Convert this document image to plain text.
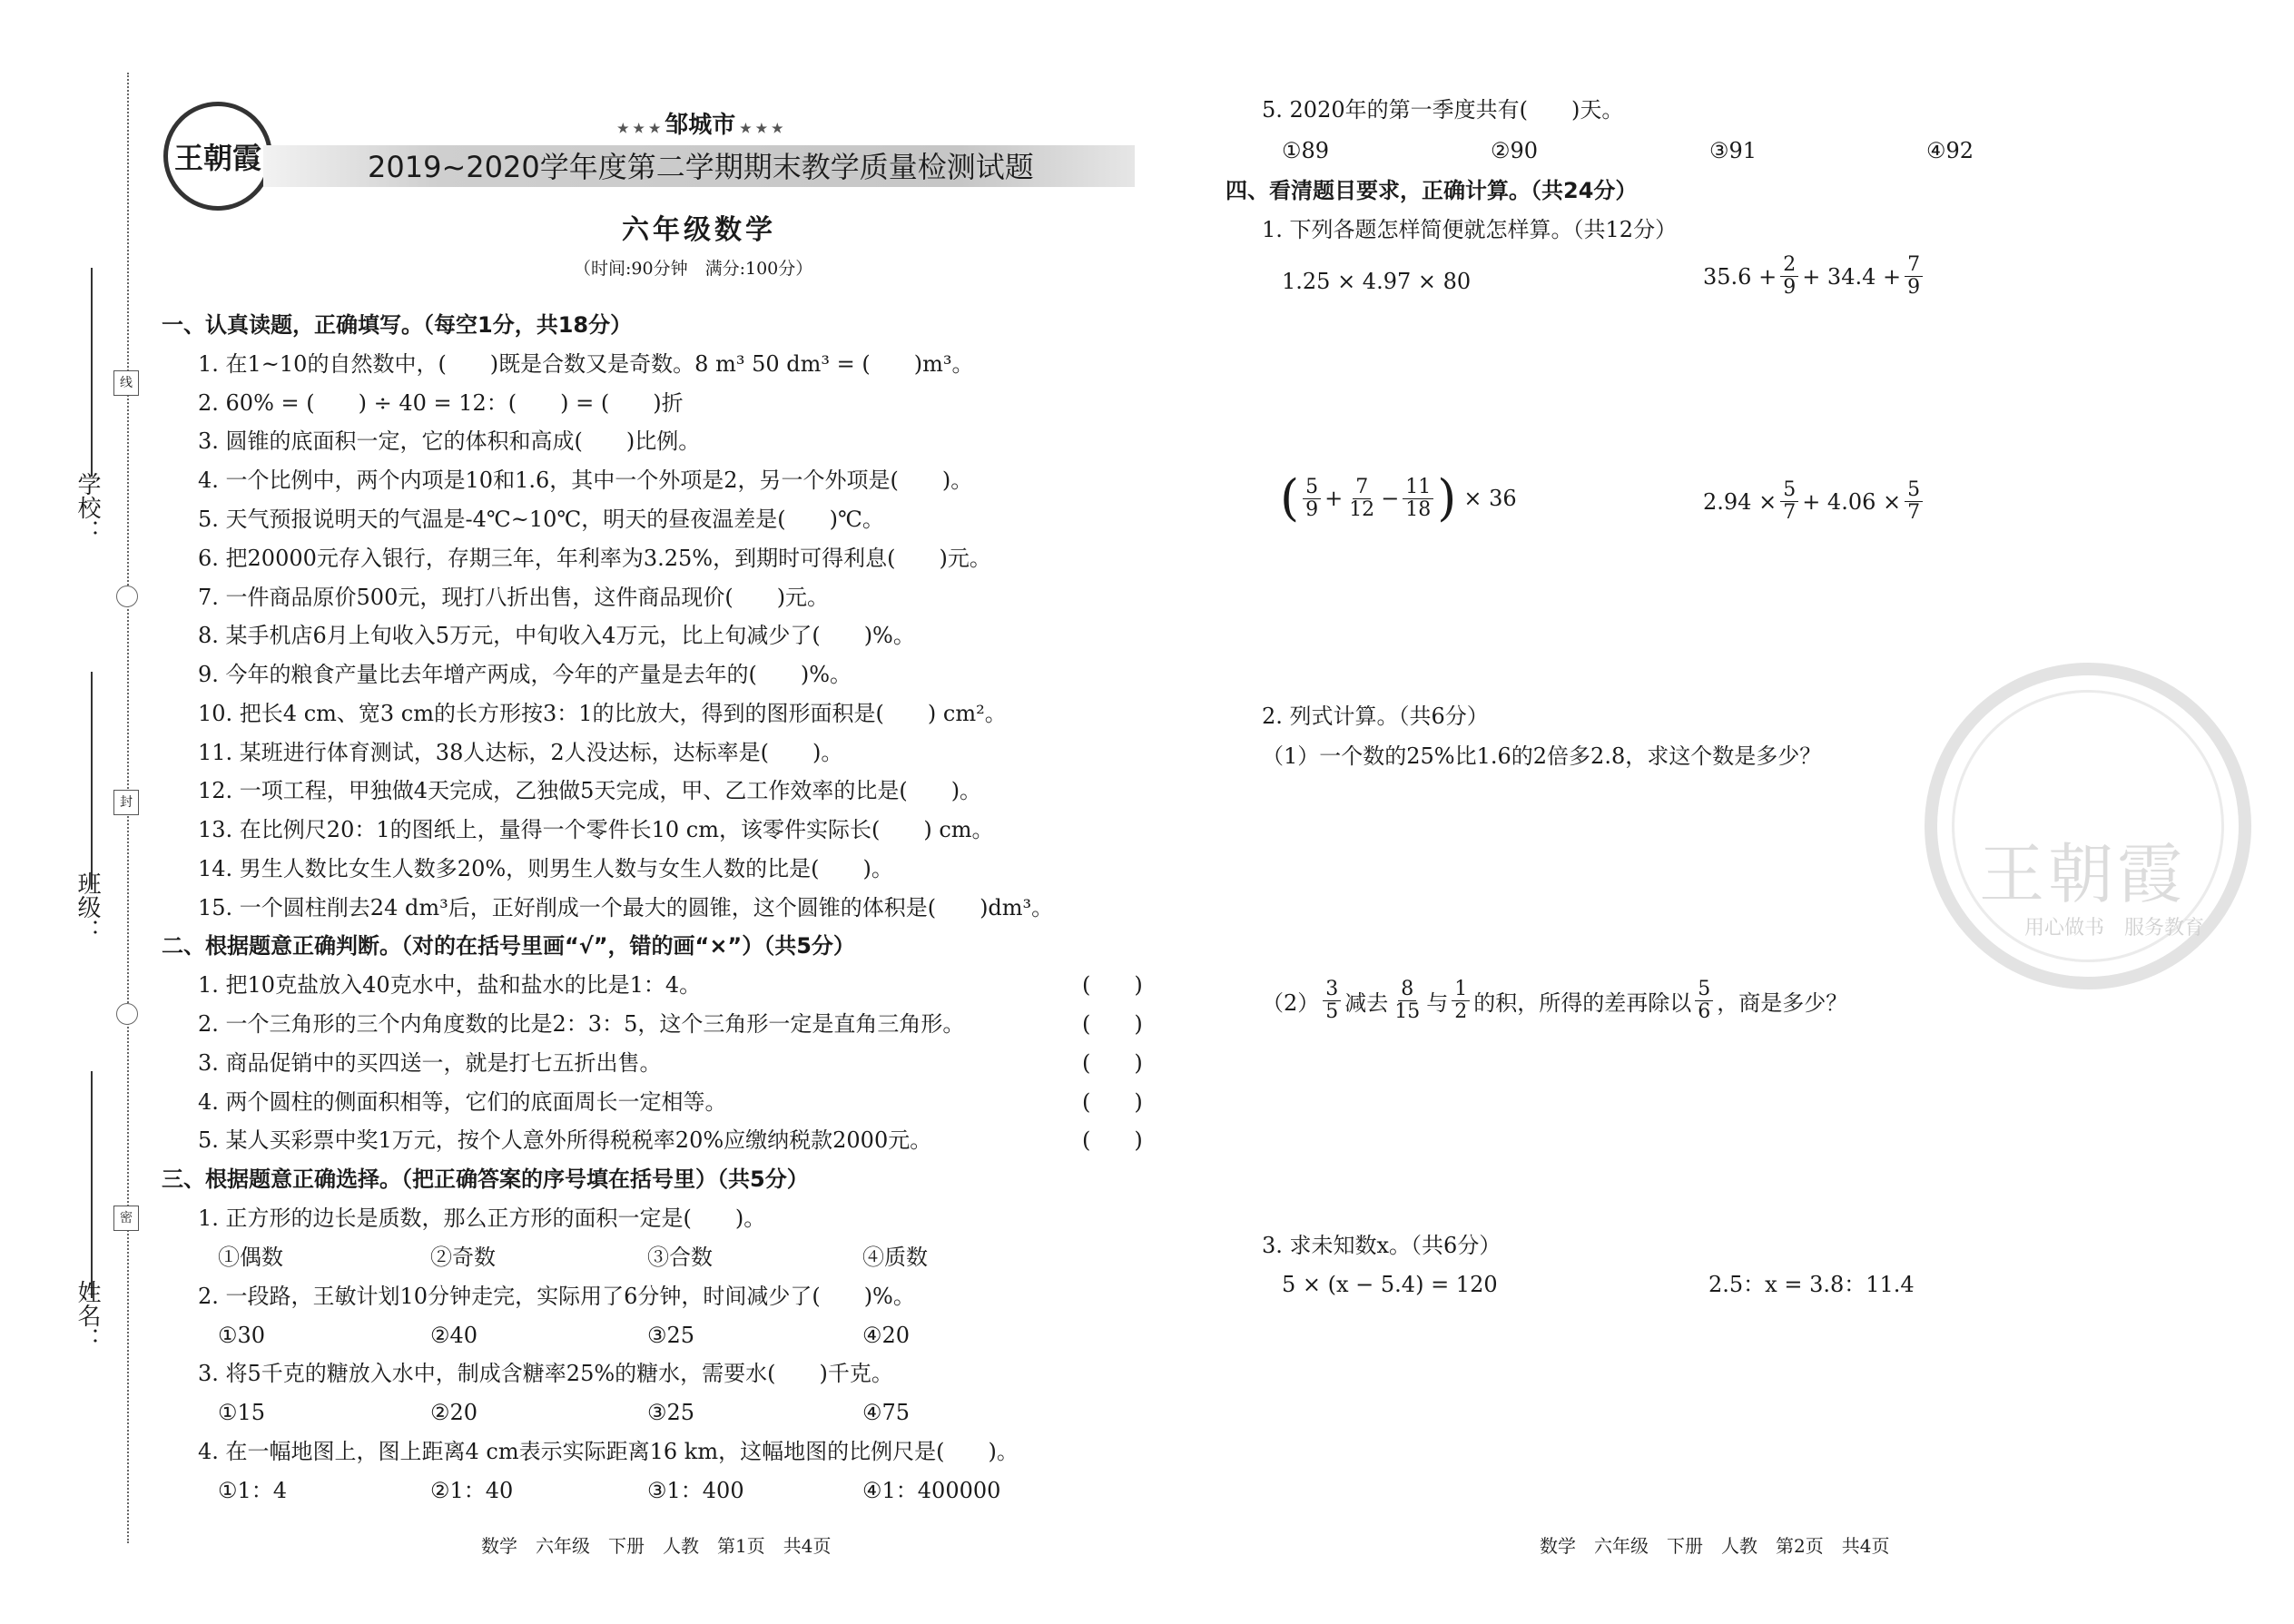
学校：
班级：
姓名：
线
封
密
王朝霞
★ ★ ★ 邹城市 ★ ★ ★
2019~2020学年度第二学期期末教学质量检测试题
六年级数学
（时间:90分钟　满分:100分）
一、认真读题，正确填写。（每空1分，共18分）
1. 在1~10的自然数中，(　　)既是合数又是奇数。8 m³ 50 dm³ = (　　)m³。
2. 60% = (　　) ÷ 40 = 12：(　　) = (　　)折
3. 圆锥的底面积一定，它的体积和高成(　　)比例。
4. 一个比例中，两个内项是10和1.6，其中一个外项是2，另一个外项是(　　)。
5. 天气预报说明天的气温是-4℃~10℃，明天的昼夜温差是(　　)℃。
6. 把20000元存入银行，存期三年，年利率为3.25%，到期时可得利息(　　)元。
7. 一件商品原价500元，现打八折出售，这件商品现价(　　)元。
8. 某手机店6月上旬收入5万元，中旬收入4万元，比上旬减少了(　　)%。
9. 今年的粮食产量比去年增产两成，今年的产量是去年的(　　)%。
10. 把长4 cm、宽3 cm的长方形按3：1的比放大，得到的图形面积是(　　) cm²。
11. 某班进行体育测试，38人达标，2人没达标，达标率是(　　)。
12. 一项工程，甲独做4天完成，乙独做5天完成，甲、乙工作效率的比是(　　)。
13. 在比例尺20：1的图纸上，量得一个零件长10 cm，该零件实际长(　　) cm。
14. 男生人数比女生人数多20%，则男生人数与女生人数的比是(　　)。
15. 一个圆柱削去24 dm³后，正好削成一个最大的圆锥，这个圆锥的体积是(　　)dm³。
二、根据题意正确判断。（对的在括号里画“√”，错的画“×”）（共5分）
1. 把10克盐放入40克水中，盐和盐水的比是1：4。	(　　)
2. 一个三角形的三个内角度数的比是2：3：5，这个三角形一定是直角三角形。	(　　)
3. 商品促销中的买四送一，就是打七五折出售。	(　　)
4. 两个圆柱的侧面积相等，它们的底面周长一定相等。	(　　)
5. 某人买彩票中奖1万元，按个人意外所得税税率20%应缴纳税款2000元。	(　　)
三、根据题意正确选择。（把正确答案的序号填在括号里）（共5分）
1. 正方形的边长是质数，那么正方形的面积一定是(　　)。
①偶数	②奇数	③合数	④质数
2. 一段路，王敏计划10分钟走完，实际用了6分钟，时间减少了(　　)%。
①30	②40	③25	④20
3. 将5千克的糖放入水中，制成含糖率25%的糖水，需要水(　　)千克。
①15	②20	③25	④75
4. 在一幅地图上，图上距离4 cm表示实际距离16 km，这幅地图的比例尺是(　　)。
①1：4	②1：40	③1：400	④1：400000
5. 2020年的第一季度共有(　　)天。
①89	②90	③91	④92
四、看清题目要求，正确计算。（共24分）
1. 下列各题怎样简便就怎样算。（共12分）
1.25 × 4.97 × 80	$35.6 + \frac{2}{9} + 34.4 + \frac{7}{9}$
( $\frac{5}{9} + \frac{7}{12} - \frac{11}{18}$ ) × 36	$2.94 \times \frac{5}{7} + 4.06 \times \frac{5}{7}$
2. 列式计算。（共6分）
（1）一个数的25%比1.6的2倍多2.8，求这个数是多少？
$(2) \frac{3}{5}$ 减去 $\frac{8}{15}$ 与 $\frac{1}{2}$ 的积，所得的差再除以 $\frac{5}{6}$ ，商是多少？
3. 求未知数x。（共6分）
5 × (x − 5.4) = 120	2.5：x = 3.8：11.4
王朝霞
用心做书　服务教育
数学　六年级　下册　人教　第1页　共4页	数学　六年级　下册　人教　第2页　共4页
